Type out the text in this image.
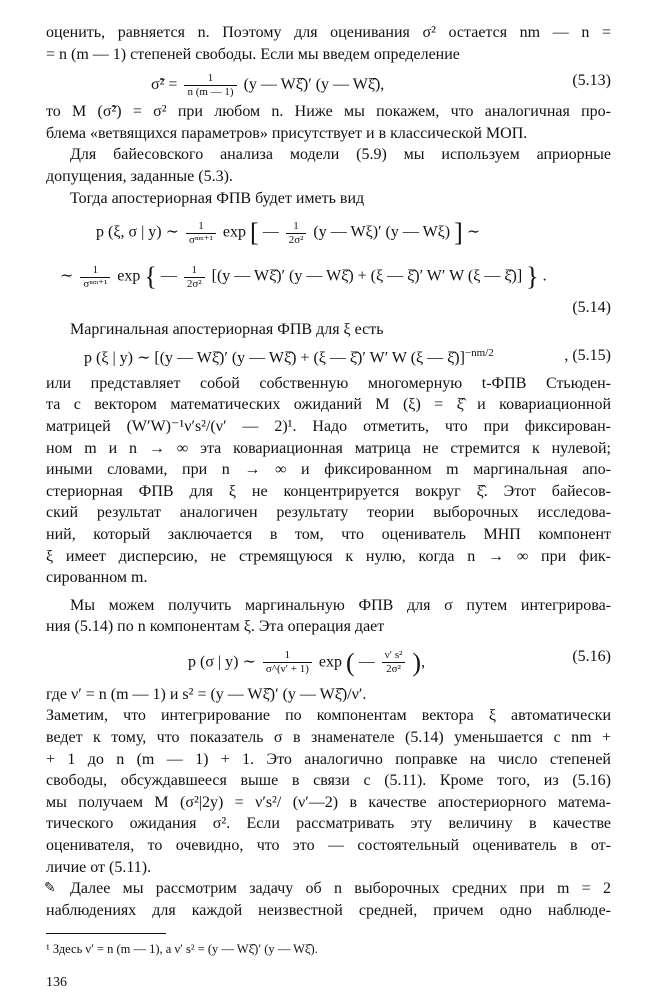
оценить, равняется n. Поэтому для оценивания σ² остается nm — n =
= n (m — 1) степеней свободы. Если мы введем определение
σ̃² = $\frac{1}{n (m — 1)} (y$ — Wξ̂)′ (y — Wξ̂),	(5.13)
то M (σ̃²) = σ² при любом n. Ниже мы покажем, что аналогичная про-
блема «ветвящихся параметров» присутствует и в классической МОП.
Для байесовского анализа модели (5.9) мы используем априорные
допущения, заданные (5.3).
Тогда апостериорная ФПВ будет иметь вид
p (ξ, σ | y) ∼ $\frac{1}{\text{σⁿᵐ⁺¹}}$ exp [ — $\frac{1}{\text{2σ²}} (y$ — Wξ)′ (y — Wξ) ] ∼
∼ $\frac{1}{\text{σⁿᵐ⁺¹}}$ exp { — $\frac{1}{\text{2σ²}} [(y$ — Wξ̂)′ (y — Wξ̂) + (ξ — ξ̂)′ W′ W (ξ — ξ̂)] } .
(5.14)
Маргинальная апостериорная ФПВ для ξ есть
p (ξ | y) ∼ [(y — Wξ̂)′ (y — Wξ̂) + (ξ — ξ̂)′ W′ W (ξ — ξ̂)]$^{-nm/2}$	, (5.15)
или представляет собой собственную многомерную t-ФПВ Стьюден-
та с вектором математических ожиданий M (ξ) = ξ̂ и ковариационной
матрицей (W′W)⁻¹ν′s²/(ν′ — 2)¹. Надо отметить, что при фиксирован-
ном m и n → ∞ эта ковариационная матрица не стремится к нулевой;
иными словами, при n → ∞ и фиксированном m маргинальная апо-
стериорная ФПВ для ξ не концентрируется вокруг ξ̂. Этот байесов-
ский результат аналогичен результату теории выборочных исследова-
ний, который заключается в том, что оцениватель МНП компонент
ξ имеет дисперсию, не стремящуюся к нулю, когда n → ∞ при фик-
сированном m.
Мы можем получить маргинальную ФПВ для σ путем интегрирова-
ния (5.14) по n компонентам ξ. Эта операция дает
p (σ | y) ∼ $\frac{1}{\sigma\^{}(\nu' + 1)}$ exp ( — $\frac{\text{ν′ s²}}{\text{2σ²}}$ ),	(5.16)
где ν′ = n (m — 1) и s² = (y — Wξ̂)′ (y — Wξ̂)/ν′.
Заметим, что интегрирование по компонентам вектора ξ автоматически
ведет к тому, что показатель σ в знаменателе (5.14) уменьшается с nm +
+ 1 до n (m — 1) + 1. Это аналогично поправке на число степеней
свободы, обсуждавшееся выше в связи с (5.11). Кроме того, из (5.16)
мы получаем M (σ²|2y) = ν′s²/ (ν′—2) в качестве апостериорного матема-
тического ожидания σ². Если рассматривать эту величину в качестве
оценивателя, то очевидно, что это — состоятельный оцениватель в от-
личие от (5.11).
✎ Далее мы рассмотрим задачу об n выборочных средних при m = 2
наблюдениях для каждой неизвестной средней, причем одно наблюде-
¹ Здесь ν′ = n (m — 1), а ν′ s² = (y — Wξ̂)′ (y — Wξ̂).
136
